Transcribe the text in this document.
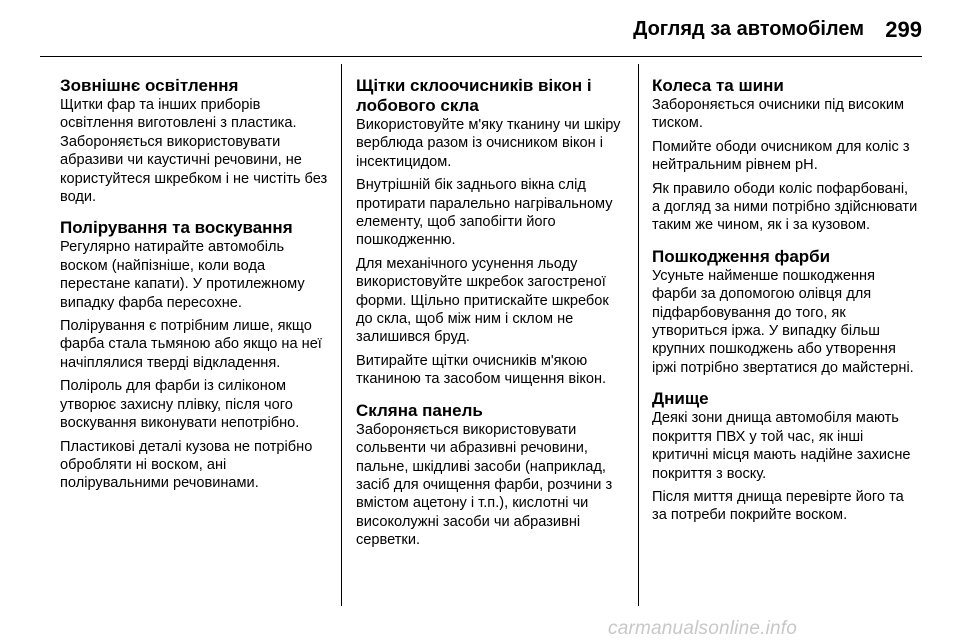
Догляд за автомобілем 299
Зовнішнє освітлення

Щитки фар та інших приборів освітлення виготовлені з пластика. Забороняється використовувати абразиви чи каустичні речовини, не користуйтеся шкребком і не чистіть без води.

Полірування та воскування

Регулярно натирайте автомобіль воском (найпізніше, коли вода перестане капати). У протилежному випадку фарба пересохне.

Полірування є потрібним лише, якщо фарба стала тьмяною або якщо на неї начіплялися тверді відкладення.

Поліроль для фарби із силіконом утворює захисну плівку, після чого воскування виконувати непотрібно.

Пластикові деталі кузова не потрібно обробляти ні воском, ані полірувальними речовинами.

Щітки склоочисників вікон і лобового скла

Використовуйте м'яку тканину чи шкіру верблюда разом із очисником вікон і інсектицидом.

Внутрішній бік заднього вікна слід протирати паралельно нагрівальному елементу, щоб запобігти його пошкодженню.

Для механічного усунення льоду використовуйте шкребок загостреної форми. Щільно притискайте шкребок до скла, щоб між ним і склом не залишився бруд.

Витирайте щітки очисників м'якою тканиною та засобом чищення вікон.

Скляна панель

Забороняється використовувати сольвенти чи абразивні речовини, пальне, шкідливі засоби (наприклад, засіб для очищення фарби, розчини з вмістом ацетону і т.п.), кислотні чи високолужні засоби чи абразивні серветки.

Колеса та шини

Забороняється очисники під високим тиском.

Помийте ободи очисником для коліс з нейтральним рівнем pH.

Як правило ободи коліс пофарбовані, а догляд за ними потрібно здійснювати таким же чином, як і за кузовом.

Пошкодження фарби

Усуньте найменше пошкодження фарби за допомогою олівця для підфарбовування до того, як утвориться іржа. У випадку більш крупних пошкоджень або утворення іржі потрібно звертатися до майстерні.

Днище

Деякі зони днища автомобіля мають покриття ПВХ у той час, як інші критичні місця мають надійне захисне покриття з воску.

Після миття днища перевірте його та за потреби покрийте воском.

carmanualsonline.info
